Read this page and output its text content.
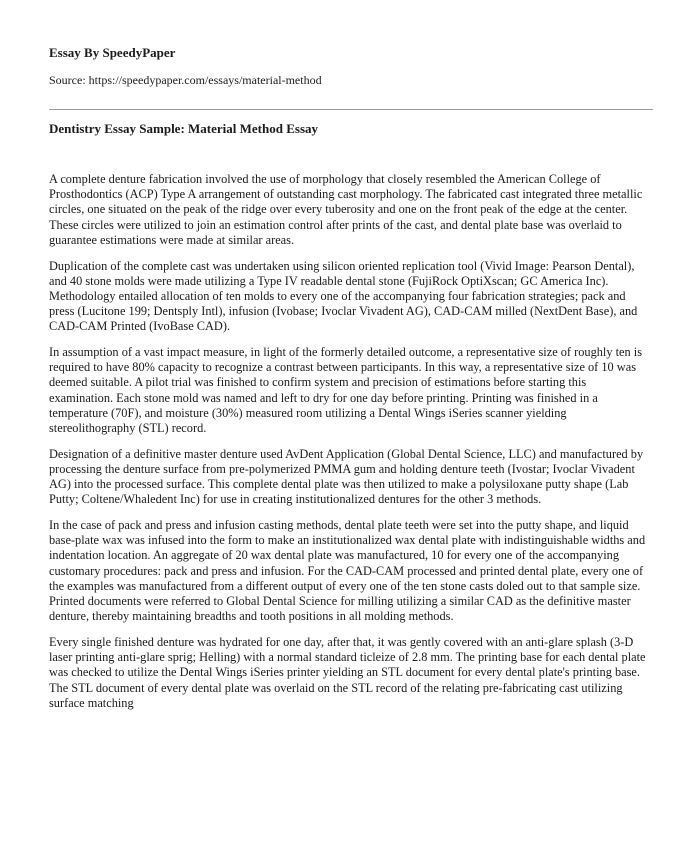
Essay By SpeedyPaper

Source: https://speedypaper.com/essays/material-method

Dentistry Essay Sample: Material Method Essay

A complete denture fabrication involved the use of morphology that closely resembled the American College of Prosthodontics (ACP) Type A arrangement of outstanding cast morphology. The fabricated cast integrated three metallic circles, one situated on the peak of the ridge over every tuberosity and one on the front peak of the edge at the center. These circles were utilized to join an estimation control after prints of the cast, and dental plate base was overlaid to guarantee estimations were made at similar areas.

Duplication of the complete cast was undertaken using silicon oriented replication tool (Vivid Image: Pearson Dental), and 40 stone molds were made utilizing a Type IV readable dental stone (FujiRock OptiXscan; GC America Inc). Methodology entailed allocation of ten molds to every one of the accompanying four fabrication strategies; pack and press (Lucitone 199; Dentsply Intl), infusion (Ivobase; Ivoclar Vivadent AG), CAD-CAM milled (NextDent Base), and CAD-CAM Printed (IvoBase CAD).

In assumption of a vast impact measure, in light of the formerly detailed outcome, a representative size of roughly ten is required to have 80% capacity to recognize a contrast between participants. In this way, a representative size of 10 was deemed suitable. A pilot trial was finished to confirm system and precision of estimations before starting this examination. Each stone mold was named and left to dry for one day before printing. Printing was finished in a temperature (70F), and moisture (30%) measured room utilizing a Dental Wings iSeries scanner yielding stereolithography (STL) record.

Designation of a definitive master denture used AvDent Application (Global Dental Science, LLC) and manufactured by processing the denture surface from pre-polymerized PMMA gum and holding denture teeth (Ivostar; Ivoclar Vivadent AG) into the processed surface. This complete dental plate was then utilized to make a polysiloxane putty shape (Lab Putty; Coltene/Whaledent Inc) for use in creating institutionalized dentures for the other 3 methods.

In the case of pack and press and infusion casting methods, dental plate teeth were set into the putty shape, and liquid base-plate wax was infused into the form to make an institutionalized wax dental plate with indistinguishable widths and indentation location. An aggregate of 20 wax dental plate was manufactured, 10 for every one of the accompanying customary procedures: pack and press and infusion. For the CAD-CAM processed and printed dental plate, every one of the examples was manufactured from a different output of every one of the ten stone casts doled out to that sample size. Printed documents were referred to Global Dental Science for milling utilizing a similar CAD as the definitive master denture, thereby maintaining breadths and tooth positions in all molding methods.

Every single finished denture was hydrated for one day, after that, it was gently covered with an anti-glare splash (3-D laser printing anti-glare sprig; Helling) with a normal standard ticleize of 2.8 mm. The printing base for each dental plate was checked to utilize the Dental Wings iSeries printer yielding an STL document for every dental plate's printing base. The STL document of every dental plate was overlaid on the STL record of the relating pre-fabricating cast utilizing surface matching
